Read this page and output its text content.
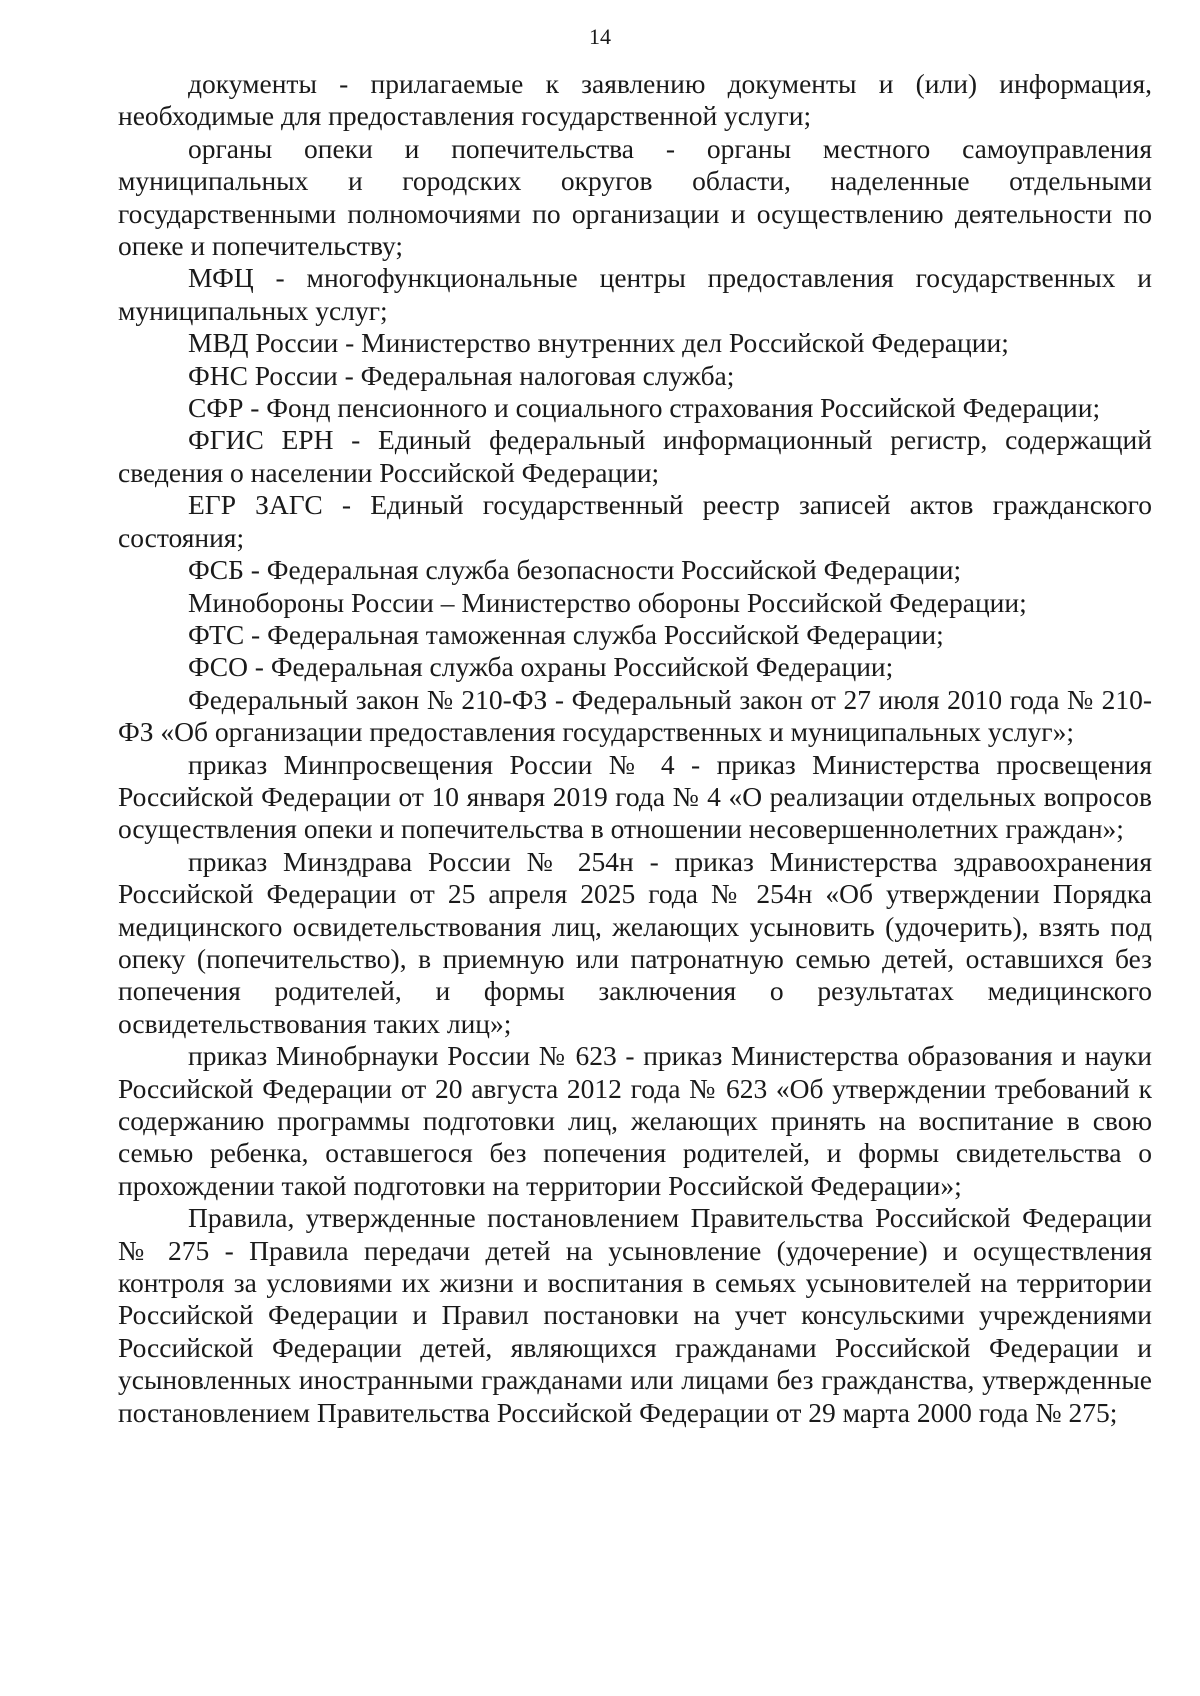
14

документы - прилагаемые к заявлению документы и (или) информация, необходимые для предоставления государственной услуги;

органы опеки и попечительства - органы местного самоуправления муниципальных и городских округов области, наделенные отдельными государственными полномочиями по организации и осуществлению деятельности по опеке и попечительству;

МФЦ - многофункциональные центры предоставления государственных и муниципальных услуг;

МВД России - Министерство внутренних дел Российской Федерации;

ФНС России - Федеральная налоговая служба;

СФР - Фонд пенсионного и социального страхования Российской Федерации;

ФГИС ЕРН - Единый федеральный информационный регистр, содержащий сведения о населении Российской Федерации;

ЕГР ЗАГС - Единый государственный реестр записей актов гражданского состояния;

ФСБ - Федеральная служба безопасности Российской Федерации;

Минобороны России – Министерство обороны Российской Федерации;

ФТС - Федеральная таможенная служба Российской Федерации;

ФСО - Федеральная служба охраны Российской Федерации;

Федеральный закон № 210-ФЗ - Федеральный закон от 27 июля 2010 года № 210-ФЗ «Об организации предоставления государственных и муниципальных услуг»;

приказ Минпросвещения России № 4 - приказ Министерства просвещения Российской Федерации от 10 января 2019 года № 4 «О реализации отдельных вопросов осуществления опеки и попечительства в отношении несовершеннолетних граждан»;

приказ Минздрава России № 254н - приказ Министерства здравоохранения Российской Федерации от 25 апреля 2025 года № 254н «Об утверждении Порядка медицинского освидетельствования лиц, желающих усыновить (удочерить), взять под опеку (попечительство), в приемную или патронатную семью детей, оставшихся без попечения родителей, и формы заключения о результатах медицинского освидетельствования таких лиц»;

приказ Минобрнауки России № 623 - приказ Министерства образования и науки Российской Федерации от 20 августа 2012 года № 623 «Об утверждении требований к содержанию программы подготовки лиц, желающих принять на воспитание в свою семью ребенка, оставшегося без попечения родителей, и формы свидетельства о прохождении такой подготовки на территории Российской Федерации»;

Правила, утвержденные постановлением Правительства Российской Федерации № 275 - Правила передачи детей на усыновление (удочерение) и осуществления контроля за условиями их жизни и воспитания в семьях усыновителей на территории Российской Федерации и Правил постановки на учет консульскими учреждениями Российской Федерации детей, являющихся гражданами Российской Федерации и усыновленных иностранными гражданами или лицами без гражданства, утвержденные постановлением Правительства Российской Федерации от 29 марта 2000 года № 275;
